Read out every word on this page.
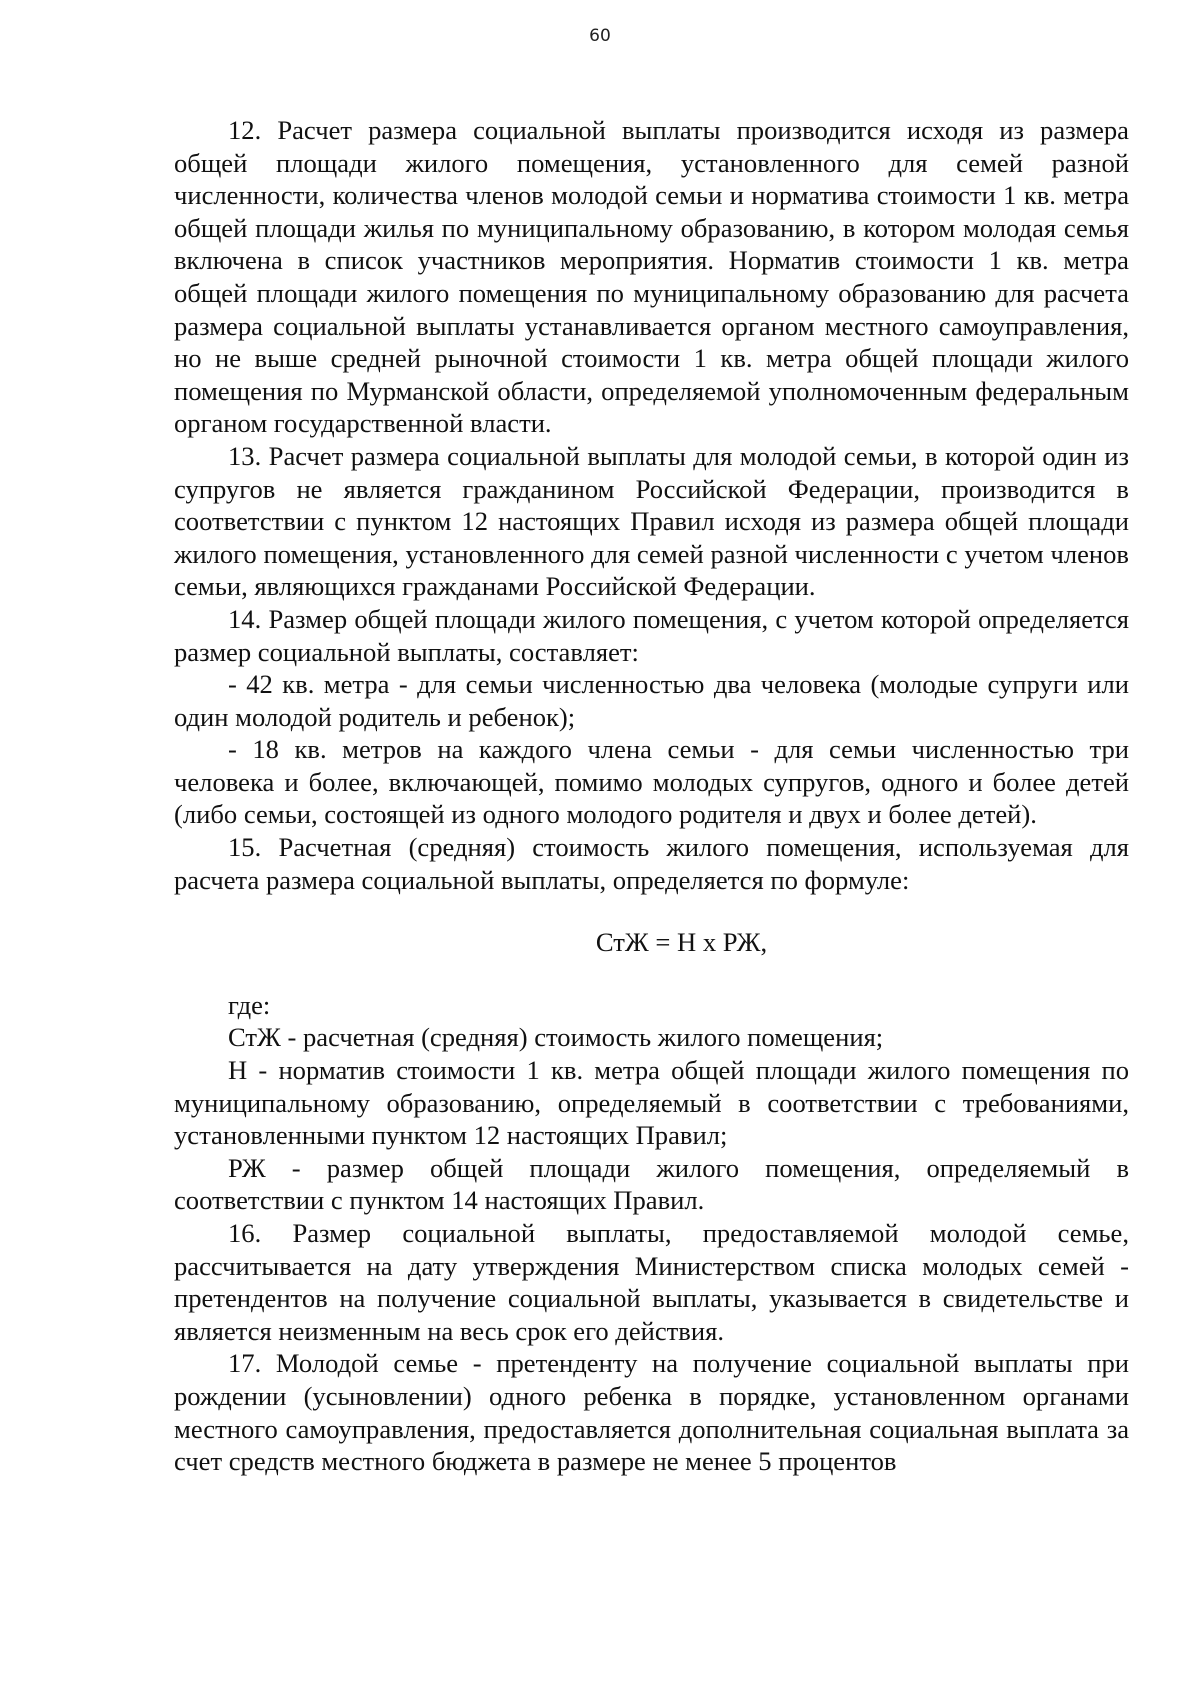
60

12. Расчет размера социальной выплаты производится исходя из размера общей площади жилого помещения, установленного для семей разной численности, количества членов молодой семьи и норматива стоимости 1 кв. метра общей площади жилья по муниципальному образованию, в котором молодая семья включена в список участников мероприятия. Норматив стоимости 1 кв. метра общей площади жилого помещения по муниципальному образованию для расчета размера социальной выплаты устанавливается органом местного самоуправления, но не выше средней рыночной стоимости 1 кв. метра общей площади жилого помещения по Мурманской области, определяемой уполномоченным федеральным органом государственной власти.

13. Расчет размера социальной выплаты для молодой семьи, в которой один из супругов не является гражданином Российской Федерации, производится в соответствии с пунктом 12 настоящих Правил исходя из размера общей площади жилого помещения, установленного для семей разной численности с учетом членов семьи, являющихся гражданами Российской Федерации.

14. Размер общей площади жилого помещения, с учетом которой определяется размер социальной выплаты, составляет:

- 42 кв. метра - для семьи численностью два человека (молодые супруги или один молодой родитель и ребенок);

- 18 кв. метров на каждого члена семьи - для семьи численностью три человека и более, включающей, помимо молодых супругов, одного и более детей (либо семьи, состоящей из одного молодого родителя и двух и более детей).

15. Расчетная (средняя) стоимость жилого помещения, используемая для расчета размера социальной выплаты, определяется по формуле:

СтЖ = Н х РЖ,

где:

СтЖ - расчетная (средняя) стоимость жилого помещения;

Н - норматив стоимости 1 кв. метра общей площади жилого помещения по муниципальному образованию, определяемый в соответствии с требованиями, установленными пунктом 12 настоящих Правил;

РЖ - размер общей площади жилого помещения, определяемый в соответствии с пунктом 14 настоящих Правил.

16. Размер социальной выплаты, предоставляемой молодой семье, рассчитывается на дату утверждения Министерством списка молодых семей - претендентов на получение социальной выплаты, указывается в свидетельстве и является неизменным на весь срок его действия.

17. Молодой семье - претенденту на получение социальной выплаты при рождении (усыновлении) одного ребенка в порядке, установленном органами местного самоуправления, предоставляется дополнительная социальная выплата за счет средств местного бюджета в размере не менее 5 процентов
